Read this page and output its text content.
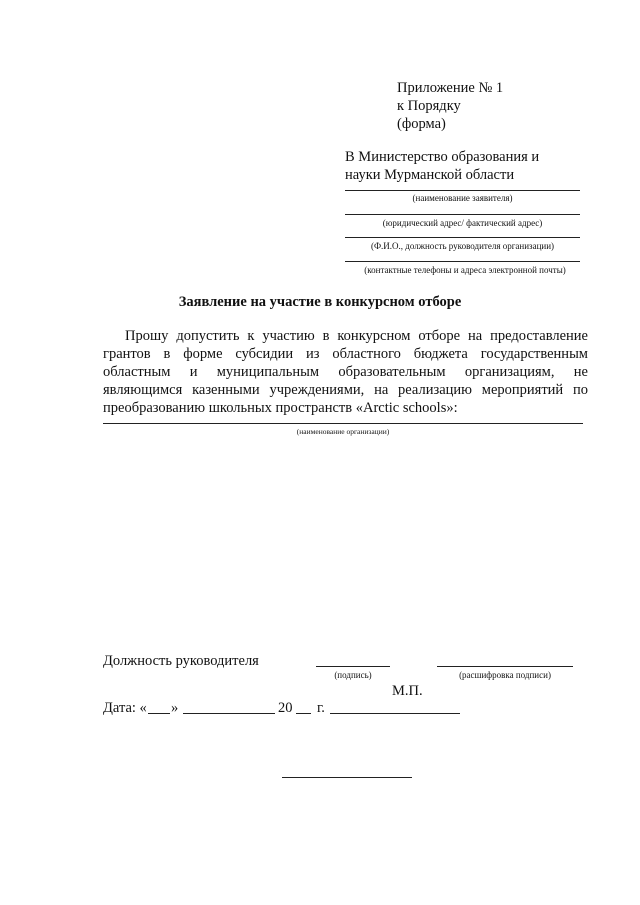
Приложение № 1
к Порядку
(форма)
В Министерство образования и
науки Мурманской области
(наименование заявителя)
(юридический адрес/ фактический адрес)
(Ф.И.О., должность руководителя организации)
(контактные телефоны и адреса электронной почты)
Заявление на участие в конкурсном отборе
Прошу допустить к участию в конкурсном отборе на предоставление
грантов в форме субсидии из областного бюджета государственным
областным и муниципальным образовательным организациям, не
являющимся казенными учреждениями, на реализацию мероприятий по
преобразованию школьных пространств «Arctic schools»:
(наименование организации)
Должность руководителя
(подпись)	(расшифровка подписи)
М.П.
Дата: « »	20 г.
